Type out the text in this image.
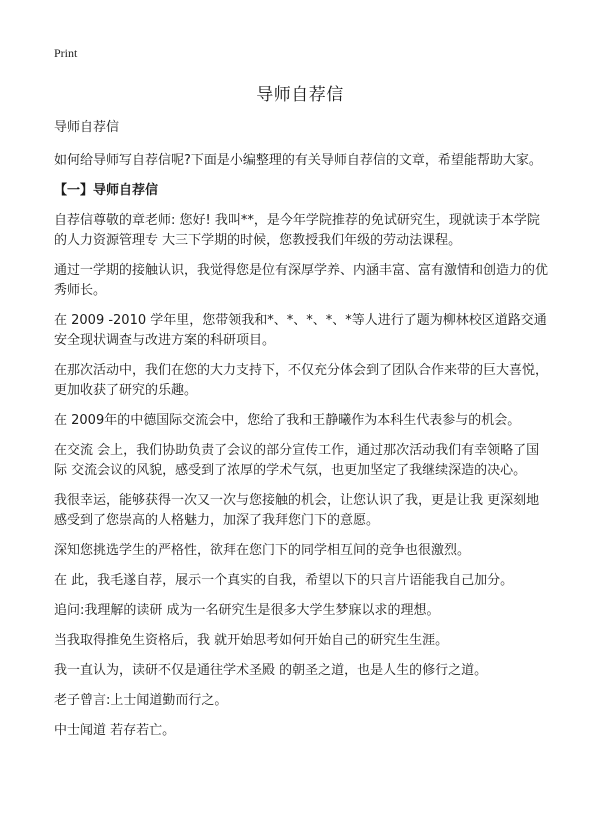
Print
导师自荐信

导师自荐信

如何给导师写自荐信呢?下面是小编整理的有关导师自荐信的文章，希望能帮助大家。

【一】导师自荐信

自荐信尊敬的章老师: 您好! 我叫**，是今年学院推荐的免试研究生，现就读于本学院的人力资源管理专 大三下学期的时候，您教授我们年级的劳动法课程。

通过一学期的接触认识，我觉得您是位有深厚学养、内涵丰富、富有激情和创造力的优秀师长。

在 2009 -2010 学年里，您带领我和*、*、*、*、*等人进行了题为柳林校区道路交通 安全现状调查与改进方案的科研项目。

在那次活动中，我们在您的大力支持下，不仅充分体会到了团队合作来带的巨大喜悦，更加收获了研究的乐趣。

在 2009年的中德国际交流会中，您给了我和王静曦作为本科生代表参与的机会。

在交流 会上，我们协助负责了会议的部分宣传工作，通过那次活动我们有幸领略了国际 交流会议的风貌，感受到了浓厚的学术气氛，也更加坚定了我继续深造的决心。

我很幸运，能够获得一次又一次与您接触的机会，让您认识了我，更是让我 更深刻地感受到了您崇高的人格魅力，加深了我拜您门下的意愿。

深知您挑选学生的严格性，欲拜在您门下的同学相互间的竞争也很激烈。

在 此，我毛遂自荐，展示一个真实的自我，希望以下的只言片语能我自己加分。

追问:我理解的读研 成为一名研究生是很多大学生梦寐以求的理想。

当我取得推免生资格后，我 就开始思考如何开始自己的研究生生涯。

我一直认为，读研不仅是通往学术圣殿 的朝圣之道，也是人生的修行之道。

老子曾言:上士闻道勤而行之。

中士闻道 若存若亡。
